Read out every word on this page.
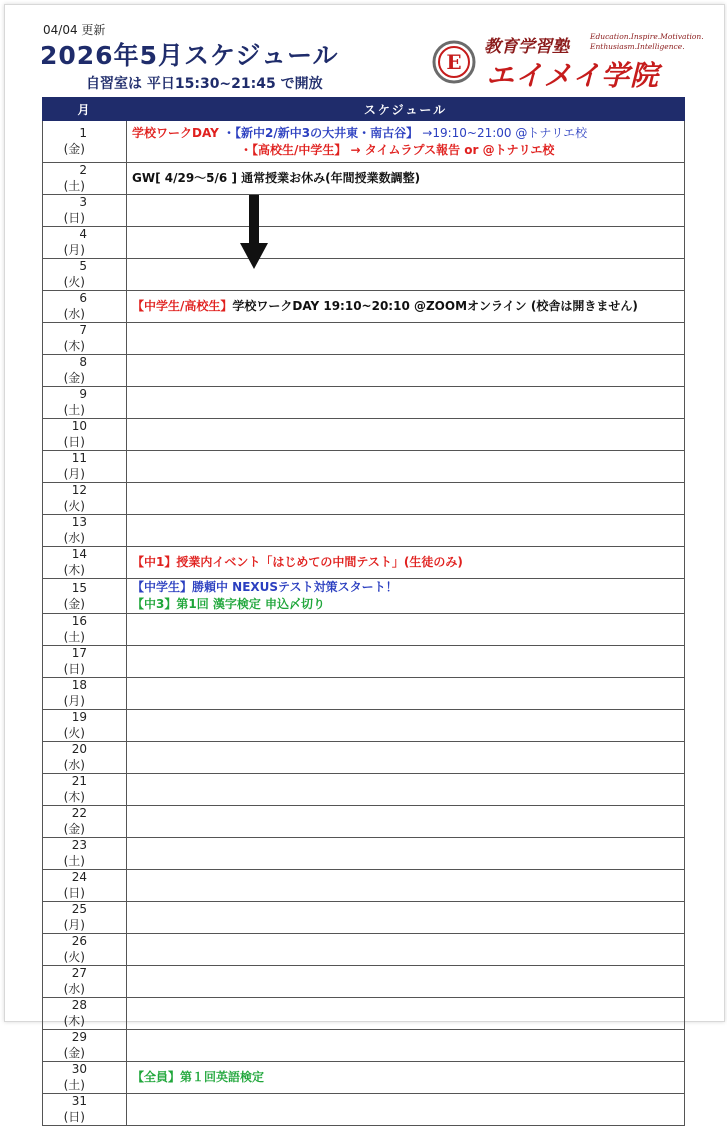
04/04 更新
2026年5月スケジュール
自習室は 平日15:30~21:45 で開放
E
教育学習塾
Education.Inspire.Motivation.
Enthusiasm.Intelligence.
エイメイ学院
月	スケジュール
1(金)	学校ワークDAY ・【新中2/新中3の大井東・南古谷】 →19:10~21:00 @トナリエ校
・【高校生/中学生】 → タイムラプス報告 or @トナリエ校

2(土)	GW[ 4/29〜5/6 ] 通常授業お休み(年間授業数調整)
3(日)	
4(月)	
5(火)	
6(水)	【中学生/高校生】学校ワークDAY 19:10~20:10 @ZOOMオンライン (校舎は開きません)
7(木)	
8(金)	
9(土)	
10(日)	
11(月)	
12(火)	
13(水)	
14(木)	【中1】授業内イベント「はじめての中間テスト」(生徒のみ)
15(金)	【中学生】勝頼中 NEXUSテスト対策スタート！
【中3】第1回 漢字検定 申込〆切り

16(土)	
17(日)	
18(月)	
19(火)	
20(水)	
21(木)	
22(金)	
23(土)	
24(日)	
25(月)	
26(火)	
27(水)	
28(木)	
29(金)	
30(土)	【全員】第１回英語検定
31(日)	
